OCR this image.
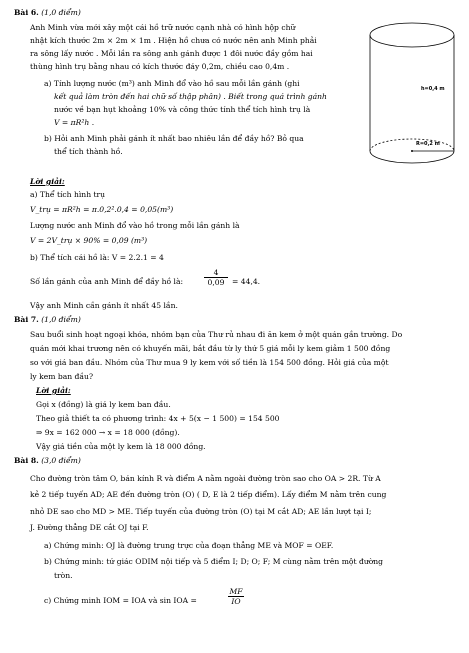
Bài 6. (1,0 điểm)
Anh Minh vừa mới xây một cái hồ trữ nước cạnh nhà có hình hộp chữ
nhật kích thước 2m × 2m × 1m . Hiện hồ chưa có nước nên anh Minh phải
ra sông lấy nước . Mỗi lần ra sông anh gánh được 1 đôi nước đầy gồm hai
thùng hình trụ bằng nhau có kích thước đáy 0,2m, chiều cao 0,4m .
a) Tính lượng nước (m³) anh Minh đổ vào hồ sau mỗi lần gánh (ghi
kết quả làm tròn đến hai chữ số thập phân) . Biết trong quá trình gánh
nước về bạn hụt khoảng 10% và công thức tính thể tích hình trụ là
V = πR²h .
b) Hỏi anh Minh phải gánh ít nhất bao nhiêu lần để đầy hồ? Bỏ qua
thể tích thành hồ.
h=0,4 m
R=0,2 m
Lời giải:
a) Thể tích hình trụ
V_trụ = πR²h = π.0,2².0,4 = 0,05(m³)
Lượng nước anh Minh đổ vào hồ trong mỗi lần gánh là
V = 2V_trụ × 90% = 0,09 (m³)
b) Thể tích cái hồ là: V = 2.2.1 = 4
Số lần gánh của anh Minh để đầy hồ là:	$\frac{4}{0,09} = 44,4$.
Vậy anh Minh cần gánh ít nhất 45 lần.
Bài 7. (1,0 điểm)
Sau buổi sinh hoạt ngoại khóa, nhóm bạn của Thư rủ nhau đi ăn kem ở một quán gần trường. Do
quán mới khai trương nên có khuyến mãi, bắt đầu từ ly thứ 5 giá mỗi ly kem giảm 1 500 đồng
so với giá ban đầu. Nhóm của Thư mua 9 ly kem với số tiền là 154 500 đồng. Hỏi giá của một
ly kem ban đầu?
Lời giải:
Gọi x (đồng) là giá ly kem ban đầu.
Theo giả thiết ta có phương trình: 4x + 5(x − 1 500) = 154 500
⇒ 9x = 162 000 → x = 18 000 (đồng).
Vậy giá tiền của một ly kem là 18 000 đồng.
Bài 8. (3,0 điểm)
Cho đường tròn tâm O, bán kính R và điểm A nằm ngoài đường tròn sao cho OA > 2R. Từ A
kẻ 2 tiếp tuyến AD; AE đến đường tròn (O) ( D, E là 2 tiếp điểm). Lấy điểm M nằm trên cung
nhỏ DE sao cho MD > ME. Tiếp tuyến của đường tròn (O) tại M cắt AD; AE lần lượt tại I;
J. Đường thẳng DE cắt OJ tại F.
a) Chứng minh: OJ là đường trung trực của đoạn thẳng ME và MOF = OEF.
b) Chứng minh: tứ giác ODIM nội tiếp và 5 điểm I; D; O; F; M cùng nằm trên một đường
tròn.
c) Chứng minh IOM = IOA và sin IOA =	$\frac{MF}{IO}$
